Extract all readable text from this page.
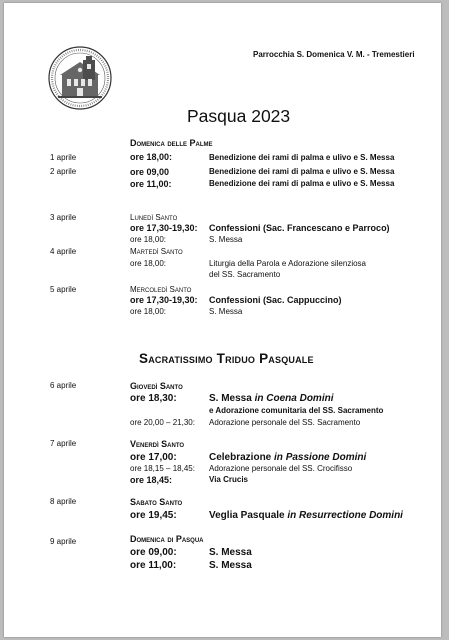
Parrocchia S. Domenica V. M. - Tremestieri
Pasqua 2023
Domenica delle Palme
1 aprile	ore 18,00:	Benedizione dei rami di palma e ulivo e S. Messa
2 aprile	ore 09,00	Benedizione dei rami di palma e ulivo e S. Messa
ore 11,00:	Benedizione dei rami di palma e ulivo e S. Messa
3 aprile	Lunedì Santo
ore 17,30-19,30: Confessioni (Sac. Francescano e Parroco)
ore 18,00:	S. Messa
4 aprile	Martedì Santo
ore 18,00:	Liturgia della Parola e Adorazione silenziosa
del SS. Sacramento
5 aprile	Mercoledì Santo
ore 17,30-19,30: Confessioni (Sac. Cappuccino)
ore 18,00:	S. Messa
Sacratissimo Triduo Pasquale
6 aprile	Giovedì Santo
ore 18,30:	S. Messa in Coena Domini
e Adorazione comunitaria del SS. Sacramento
ore 20,00 – 21,30: Adorazione personale del SS. Sacramento
7 aprile	Venerdì Santo
ore 17,00:	Celebrazione in Passione Domini
ore 18,15 – 18,45: Adorazione personale del SS. Crocifisso
ore 18,45:	Via Crucis
8 aprile	Sabato Santo
ore 19,45:	Veglia Pasquale in Resurrectione Domini
9 aprile	Domenica di Pasqua
ore 09,00:	S. Messa
ore 11,00:	S. Messa
